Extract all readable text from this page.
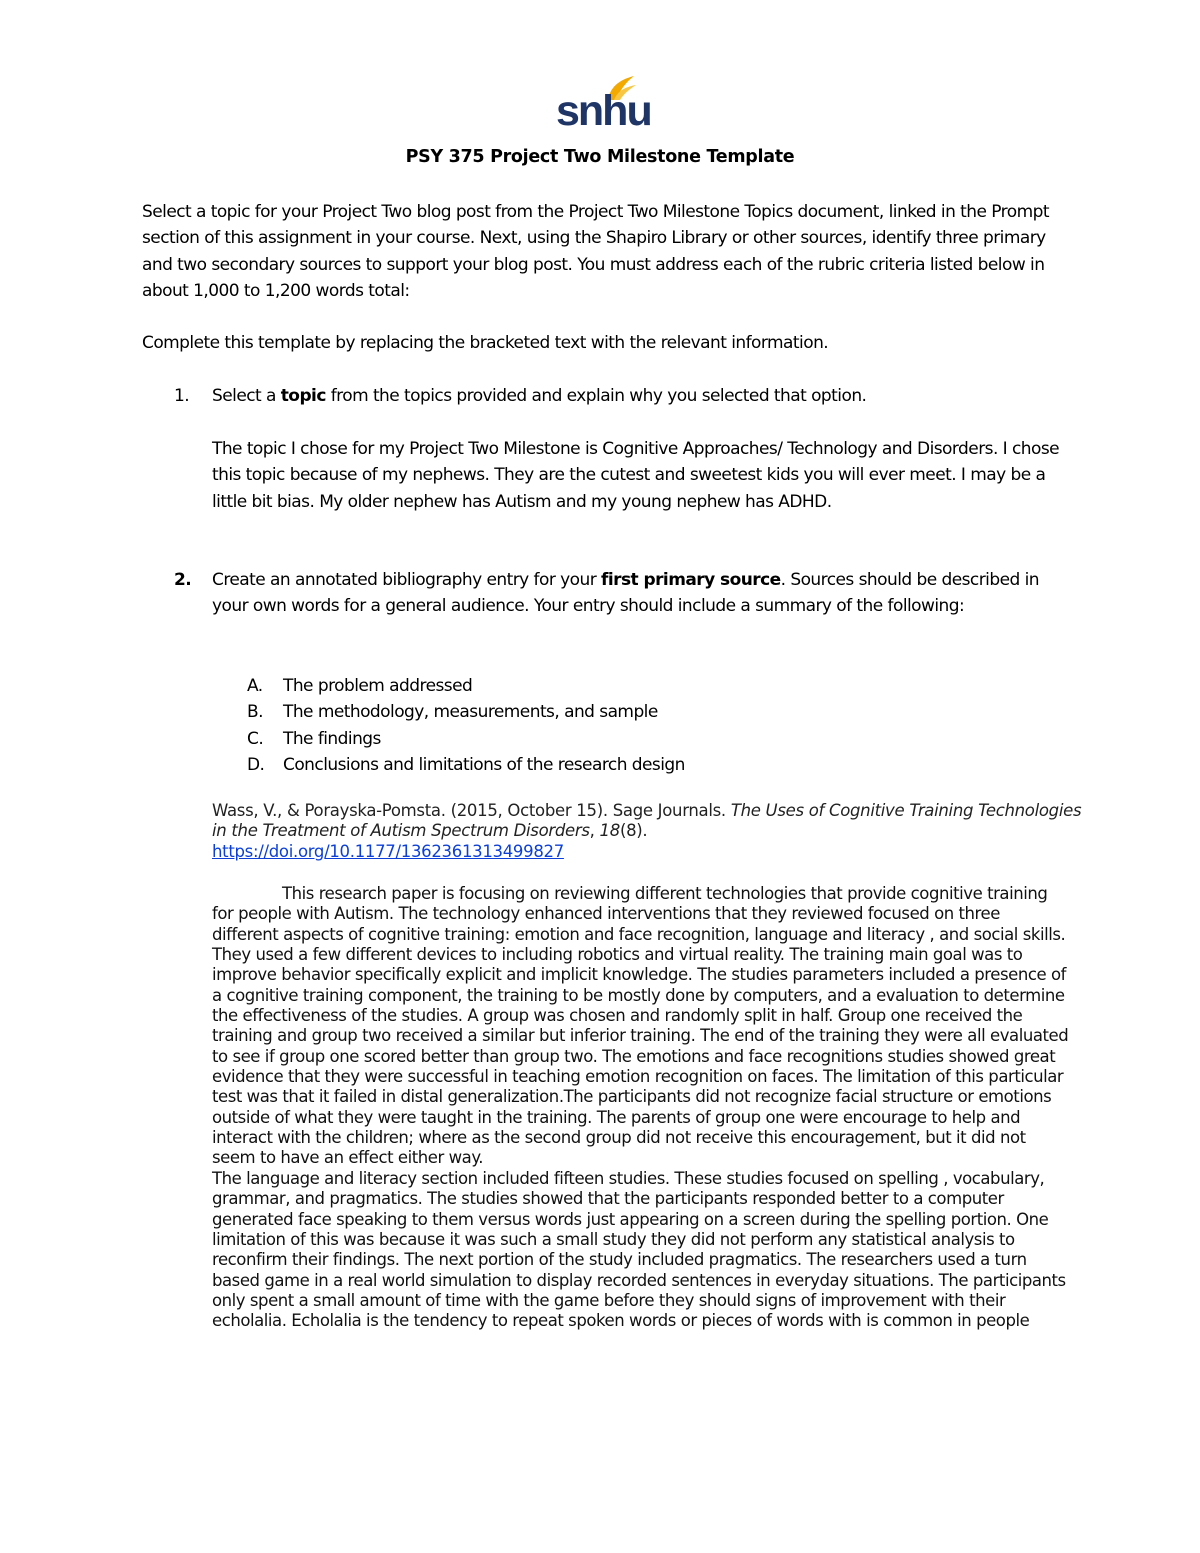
snhu
PSY 375 Project Two Milestone Template

Select a topic for your Project Two blog post from the Project Two Milestone Topics document, linked in the Prompt section of this assignment in your course. Next, using the Shapiro Library or other sources, identify three primary and two secondary sources to support your blog post. You must address each of the rubric criteria listed below in about 1,000 to 1,200 words total:

Complete this template by replacing the bracketed text with the relevant information.

1. Select a topic from the topics provided and explain why you selected that option.

The topic I chose for my Project Two Milestone is Cognitive Approaches/ Technology and Disorders. I chose this topic because of my nephews. They are the cutest and sweetest kids you will ever meet. I may be a little bit bias. My older nephew has Autism and my young nephew has ADHD.

2. Create an annotated bibliography entry for your first primary source. Sources should be described in your own words for a general audience. Your entry should include a summary of the following:

A. The problem addressed
B. The methodology, measurements, and sample
C. The findings
D. Conclusions and limitations of the research design
Wass, V., & Porayska-Pomsta. (2015, October 15). Sage Journals. The Uses of Cognitive Training Technologies in the Treatment of Autism Spectrum Disorders, 18(8).
https://doi.org/10.1177/1362361313499827

This research paper is focusing on reviewing different technologies that provide cognitive training for people with Autism. The technology enhanced interventions that they reviewed focused on three different aspects of cognitive training: emotion and face recognition, language and literacy , and social skills. They used a few different devices to including robotics and virtual reality. The training main goal was to improve behavior specifically explicit and implicit knowledge. The studies parameters included a presence of a cognitive training component, the training to be mostly done by computers, and a evaluation to determine the effectiveness of the studies. A group was chosen and randomly split in half. Group one received the training and group two received a similar but inferior training. The end of the training they were all evaluated to see if group one scored better than group two. The emotions and face recognitions studies showed great evidence that they were successful in teaching emotion recognition on faces. The limitation of this particular test was that it failed in distal generalization.The participants did not recognize facial structure or emotions outside of what they were taught in the training. The parents of group one were encourage to help and interact with the children; where as the second group did not receive this encouragement, but it did not seem to have an effect either way.

The language and literacy section included fifteen studies. These studies focused on spelling , vocabulary, grammar, and pragmatics. The studies showed that the participants responded better to a computer generated face speaking to them versus words just appearing on a screen during the spelling portion. One limitation of this was because it was such a small study they did not perform any statistical analysis to reconfirm their findings. The next portion of the study included pragmatics. The researchers used a turn based game in a real world simulation to display recorded sentences in everyday situations. The participants only spent a small amount of time with the game before they should signs of improvement with their echolalia. Echolalia is the tendency to repeat spoken words or pieces of words with is common in people
